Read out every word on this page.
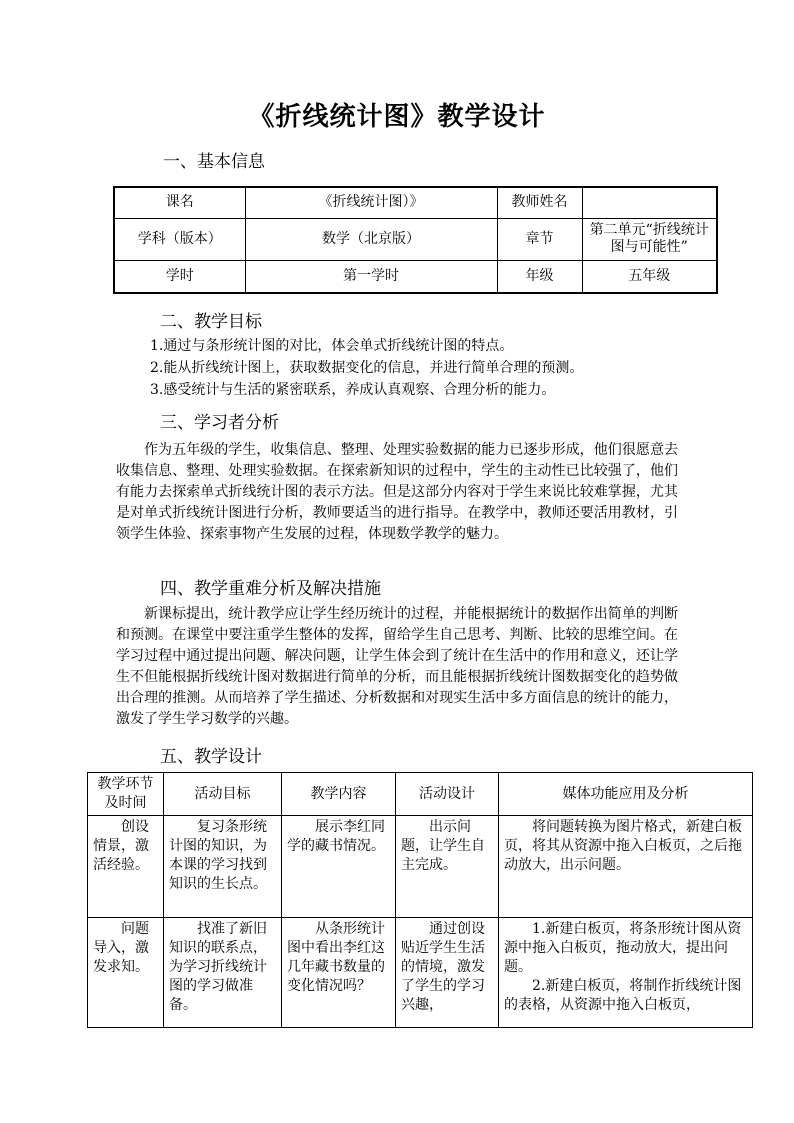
《折线统计图》教学设计
一、基本信息
课名	《折线统计图）》	教师姓名	
学科（版本）	数学（北京版）	章节	第二单元“折线统计图与可能性”
学时	第一学时	年级	五年级
二、教学目标
1.通过与条形统计图的对比，体会单式折线统计图的特点。
2.能从折线统计图上，获取数据变化的信息，并进行简单合理的预测。
3.感受统计与生活的紧密联系，养成认真观察、合理分析的能力。
三、学习者分析

作为五年级的学生，收集信息、整理、处理实验数据的能力已逐步形成，他们很愿意去收集信息、整理、处理实验数据。在探索新知识的过程中，学生的主动性已比较强了，他们有能力去探索单式折线统计图的表示方法。但是这部分内容对于学生来说比较难掌握，尤其是对单式折线统计图进行分析，教师要适当的进行指导。在教学中，教师还要活用教材，引领学生体验、探索事物产生发展的过程，体现数学教学的魅力。

四、教学重难分析及解决措施

新课标提出，统计教学应让学生经历统计的过程，并能根据统计的数据作出简单的判断和预测。在课堂中要注重学生整体的发挥，留给学生自己思考、判断、比较的思维空间。在学习过程中通过提出问题、解决问题，让学生体会到了统计在生活中的作用和意义，还让学生不但能根据折线统计图对数据进行简单的分析，而且能根据折线统计图数据变化的趋势做出合理的推测。从而培养了学生描述、分析数据和对现实生活中多方面信息的统计的能力，激发了学生学习数学的兴趣。

五、教学设计
教学环节及时间	活动目标	教学内容	活动设计	媒体功能应用及分析
创设情景，激活经验。	复习条形统计图的知识，为本课的学习找到知识的生长点。	展示李红同学的藏书情况。	出示问题，让学生自主完成。	将问题转换为图片格式，新建白板页，将其从资源中拖入白板页，之后拖动放大，出示问题。
问题导入，激发求知。	找准了新旧知识的联系点，为学习折线统计图的学习做准备。	从条形统计图中看出李红这几年藏书数量的变化情况吗？	通过创设贴近学生生活的情境，激发了学生的学习兴趣，	1.新建白板页，将条形统计图从资源中拖入白板页，拖动放大，提出问题。
2.新建白板页，将制作折线统计图的表格，从资源中拖入白板页，
